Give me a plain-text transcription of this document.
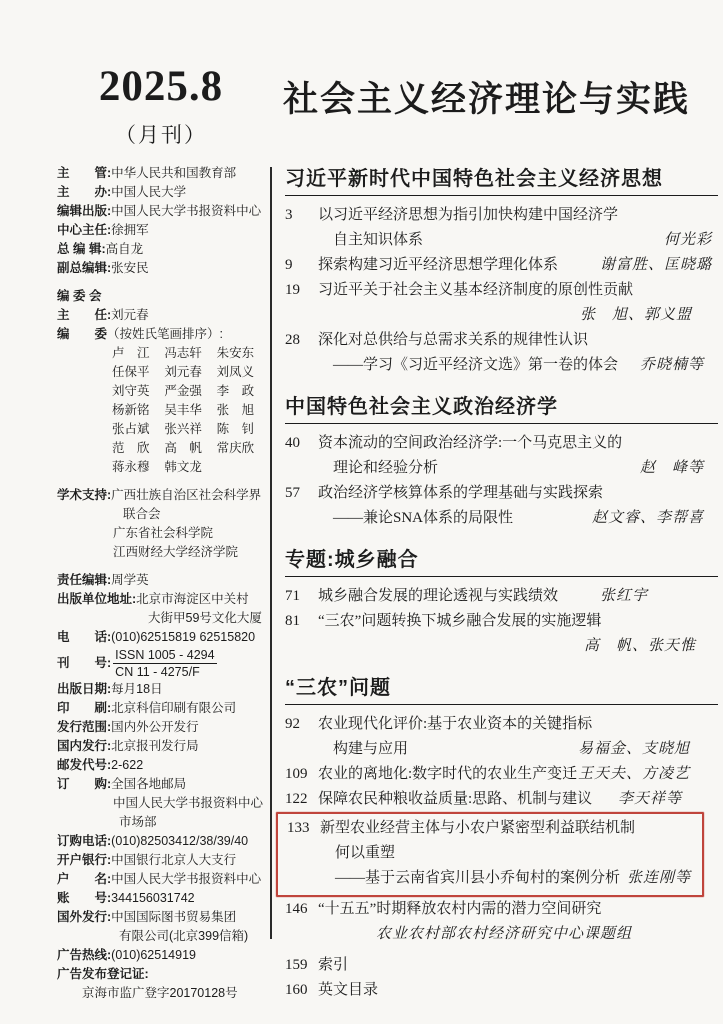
2025.8
（月刊）
社会主义经济理论与实践
主　　管:中华人民共和国教育部
主　　办:中国人民大学
编辑出版:中国人民大学书报资料中心
中心主任:徐拥军
总 编 辑:高自龙
副总编辑:张安民
编 委 会
主　　任:刘元春
编　　委（按姓氏笔画排序）:
卢　江	冯志轩	朱安东
任保平	刘元春	刘凤义
刘守英	严金强	李　政
杨新铭	吴丰华	张　旭
张占斌	张兴祥	陈　钊
范　欣	高　帆	常庆欣
蒋永穆	韩文龙
学术支持:广西壮族自治区社会科学界
联合会
广东省社会科学院
江西财经大学经济学院
责任编辑:周学英
出版单位地址:北京市海淀区中关村
大街甲59号文化大厦
电　　话:(010)62515819 62515820
刊　　号: $\frac{\text{ISSN 1005 - 4294}}{CN 11 - 4275/F}$
出版日期:每月18日
印　　刷:北京科信印刷有限公司
发行范围:国内外公开发行
国内发行:北京报刊发行局
邮发代号:2-622
订　　购:全国各地邮局
中国人民大学书报资料中心
市场部
订购电话:(010)82503412/38/39/40
开户银行:中国银行北京人大支行
户　　名:中国人民大学书报资料中心
账　　号:344156031742
国外发行:中国国际图书贸易集团
有限公司(北京399信箱)
广告热线:(010)62514919
广告发布登记证:
京海市监广登字20170128号
习近平新时代中国特色社会主义经济思想
3	以习近平经济思想为指引加快构建中国经济学
自主知识体系	何光彩
9	探索构建习近平经济思想学理化体系	谢富胜、匡晓璐
19	习近平关于社会主义基本经济制度的原创性贡献
张　旭、郭义盟
28	深化对总供给与总需求关系的规律性认识
——学习《习近平经济文选》第一卷的体会 乔晓楠等
中国特色社会主义政治经济学
40	资本流动的空间政治经济学:一个马克思主义的
理论和经验分析	赵　峰等
57	政治经济学核算体系的学理基础与实践探索
——兼论SNA体系的局限性	赵文睿、李帮喜
专题:城乡融合
71	城乡融合发展的理论透视与实践绩效	张红宇
81	“三农”问题转换下城乡融合发展的实施逻辑
高　帆、张天惟
“三农”问题
92	农业现代化评价:基于农业资本的关键指标
构建与应用	易福金、支晓旭
109 农业的离地化:数字时代的农业生产变迁 王天夫、方凌艺
122 保障农民种粮收益质量:思路、机制与建议 李天祥等
133 新型农业经营主体与小农户紧密型利益联结机制
何以重塑
——基于云南省宾川县小乔甸村的案例分析 张连刚等
146 “十五五”时期释放农村内需的潜力空间研究
农业农村部农村经济研究中心课题组
159 索引
160 英文目录
